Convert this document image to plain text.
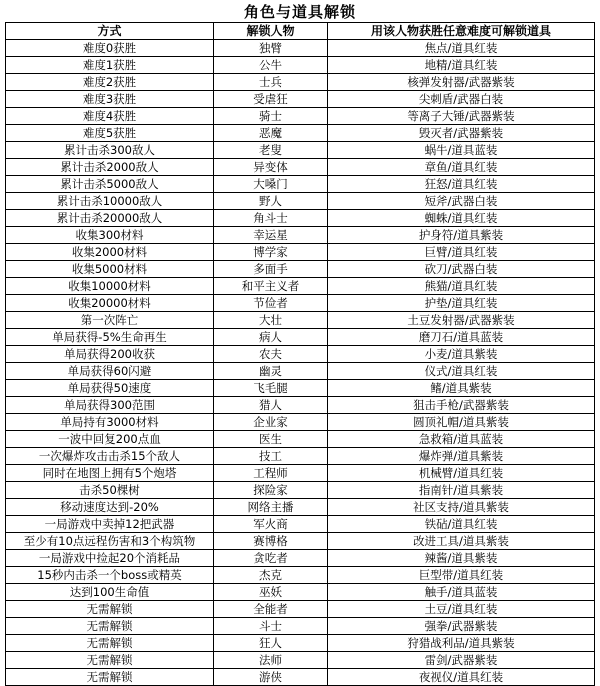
角色与道具解锁
方式	解锁人物	用该人物获胜任意难度可解锁道具
难度0获胜	独臂	焦点/道具红装
难度1获胜	公牛	地精/道具红装
难度2获胜	士兵	核弹发射器/武器紫装
难度3获胜	受虐狂	尖刺盾/武器白装
难度4获胜	骑士	等离子大锤/武器紫装
难度5获胜	恶魔	毁灭者/武器紫装
累计击杀300敌人	老叟	蜗牛/道具蓝装
累计击杀2000敌人	异变体	章鱼/道具红装
累计击杀5000敌人	大嗓门	狂怒/道具红装
累计击杀10000敌人	野人	短斧/武器白装
累计击杀20000敌人	角斗士	蜘蛛/道具红装
收集300材料	幸运星	护身符/道具紫装
收集2000材料	博学家	巨臂/道具红装
收集5000材料	多面手	砍刀/武器白装
收集10000材料	和平主义者	熊猫/道具红装
收集20000材料	节俭者	护垫/道具红装
第一次阵亡	大壮	土豆发射器/武器紫装
单局获得-5%生命再生	病人	磨刀石/道具蓝装
单局获得200收获	农夫	小麦/道具紫装
单局获得60闪避	幽灵	仪式/道具红装
单局获得50速度	飞毛腿	鳍/道具紫装
单局获得300范围	猎人	狙击手枪/武器紫装
单局持有3000材料	企业家	圆顶礼帽/道具紫装
一波中回复200点血	医生	急救箱/道具蓝装
一次爆炸攻击击杀15个敌人	技工	爆炸弹/道具紫装
同时在地图上拥有5个炮塔	工程师	机械臂/道具红装
击杀50棵树	探险家	指南针/道具紫装
移动速度达到-20%	网络主播	社区支持/道具紫装
一局游戏中卖掉12把武器	军火商	铁砧/道具红装
至少有10点远程伤害和3个构筑物	赛博格	改进工具/道具紫装
一局游戏中捡起20个消耗品	贪吃者	辣酱/道具紫装
15秒内击杀一个boss或精英	杰克	巨型带/道具红装
达到100生命值	巫妖	触手/道具蓝装
无需解锁	全能者	土豆/道具红装
无需解锁	斗士	强拳/武器紫装
无需解锁	狂人	狩猎战利品/道具紫装
无需解锁	法师	雷剑/武器紫装
无需解锁	游侠	夜视仪/道具红装
